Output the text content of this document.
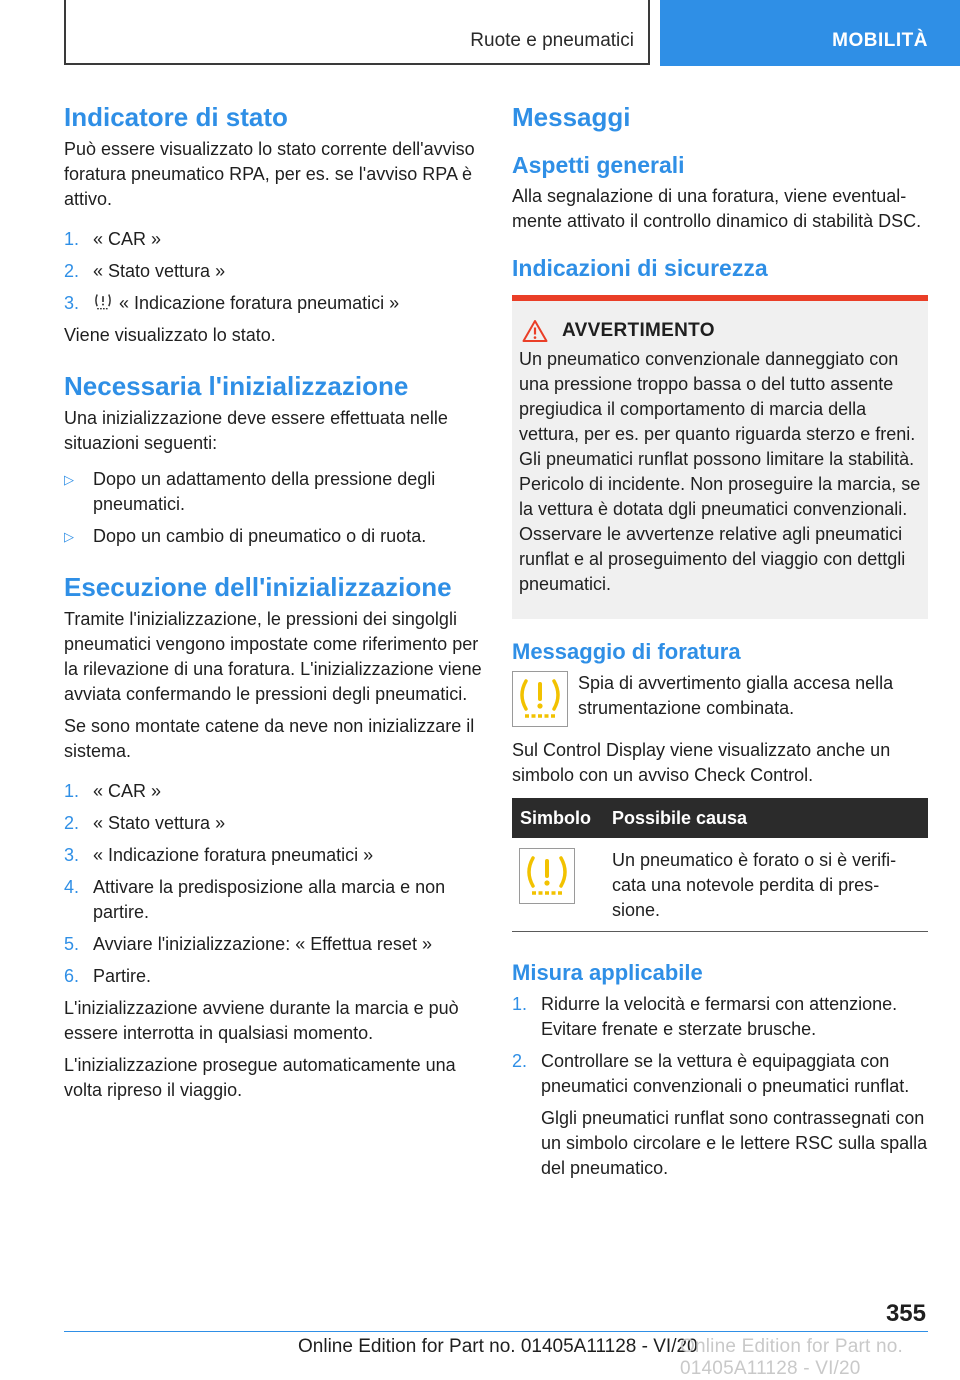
Ruote e pneumatici	MOBILITÀ
Indicatore di stato

Può essere visualizzato lo stato corrente dell'avviso foratura pneumatico RPA, per es. se l'avviso RPA è attivo.

1. « CAR »
2. « Stato vettura »
3.	« Indicazione foratura pneumatici »

Viene visualizzato lo stato.

Necessaria l'inizializzazione

Una inizializzazione deve essere effettuata nelle situazioni seguenti:

▷	Dopo un adattamento della pressione degli pneumatici.
▷	Dopo un cambio di pneumatico o di ruota.
Esecuzione dell'inizializzazione

Tramite l'inizializzazione, le pressioni dei singolgli pneumatici vengono impostate come riferimento per la rilevazione di una foratura. L'inizializzazione viene avviata confermando le pressioni degli pneumatici.

Se sono montate catene da neve non inizializzare il sistema.

1. « CAR »
2. « Stato vettura »
3. « Indicazione foratura pneumatici »
4. Attivare la predisposizione alla marcia e non partire.
5. Avviare l'inizializzazione: « Effettua reset »
6. Partire.

L'inizializzazione avviene durante la marcia e può essere interrotta in qualsiasi momento.

L'inizializzazione prosegue automaticamente una volta ripreso il viaggio.

Messaggi
Aspetti generali

Alla segnalazione di una foratura, viene eventualmente attivato il controllo dinamico di stabilità DSC.

Indicazioni di sicurezza
AVVERTIMENTO

Un pneumatico convenzionale danneggiato con una pressione troppo bassa o del tutto assente pregiudica il comportamento di marcia della vettura, per es. per quanto riguarda sterzo e freni. Gli pneumatici runflat possono limitare la stabilità. Pericolo di incidente. Non proseguire la marcia, se la vettura è dotata dgli pneumatici convenzionali. Osservare le avvertenze relative agli pneumatici runflat e al proseguimento del viaggio con dettgli pneumatici.

Messaggio di foratura

Spia di avvertimento gialla accesa nella strumentazione combinata.

Sul Control Display viene visualizzato anche un simbolo con un avviso Check Control.

Simbolo	Possibile causa

	Un pneumatico è forato o si è verificata una notevole perdita di pressione.
Misura applicabile
1. Ridurre la velocità e fermarsi con attenzione. Evitare frenate e sterzate brusche.
2. Controllare se la vettura è equipaggiata con pneumatici convenzionali o pneumatici runflat.

Glgli pneumatici runflat sono contrassegnati con un simbolo circolare e le lettere RSC sulla spalla del pneumatico.

355
Online Edition for Part no. 01405A11128 - VI/20
Online Edition for Part no. 01405A11128 - VI/20
